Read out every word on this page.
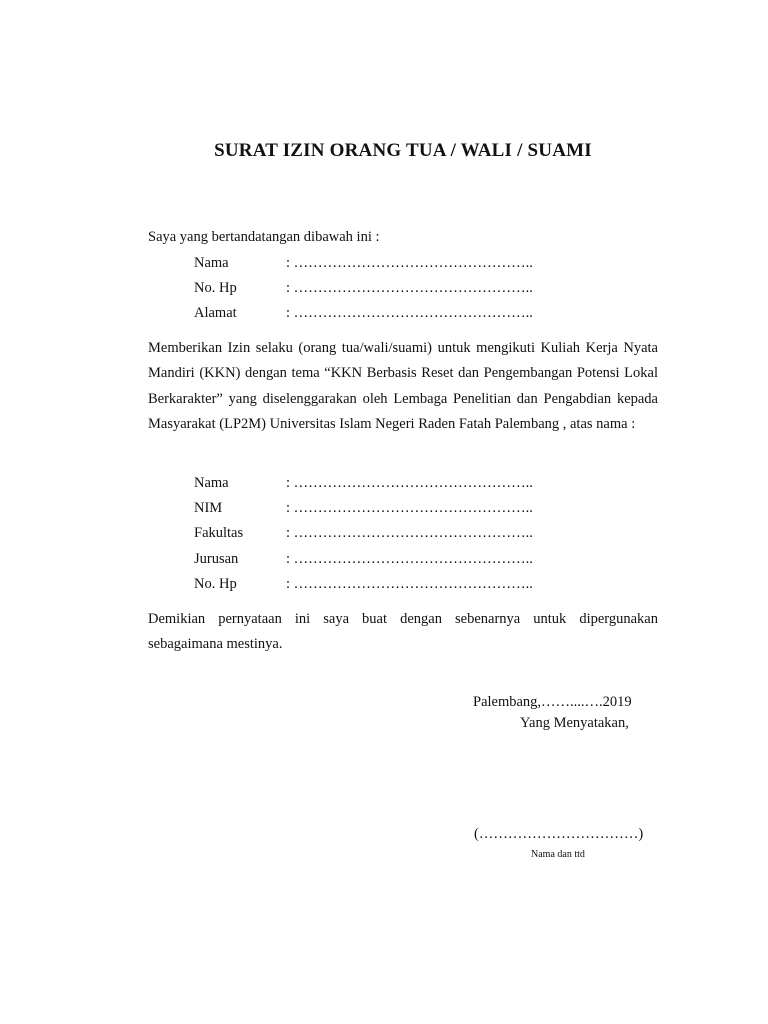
SURAT IZIN ORANG TUA / WALI / SUAMI
Saya yang bertandatangan dibawah ini :
Nama	: …………………………………………..
No. Hp	: …………………………………………..
Alamat	: …………………………………………..
Memberikan Izin selaku (orang tua/wali/suami) untuk mengikuti Kuliah Kerja Nyata Mandiri (KKN) dengan tema “KKN Berbasis Reset dan Pengembangan Potensi Lokal Berkarakter” yang diselenggarakan oleh Lembaga Penelitian dan Pengabdian kepada Masyarakat (LP2M) Universitas Islam Negeri Raden Fatah Palembang , atas nama :
Nama	: …………………………………………..
NIM	: …………………………………………..
Fakultas	: …………………………………………..
Jurusan	: …………………………………………..
No. Hp	: …………………………………………..
Demikian pernyataan ini saya buat dengan sebenarnya untuk dipergunakan sebagaimana mestinya.
Palembang,……....….2019
Yang Menyatakan,
(……………………………)
Nama dan ttd
